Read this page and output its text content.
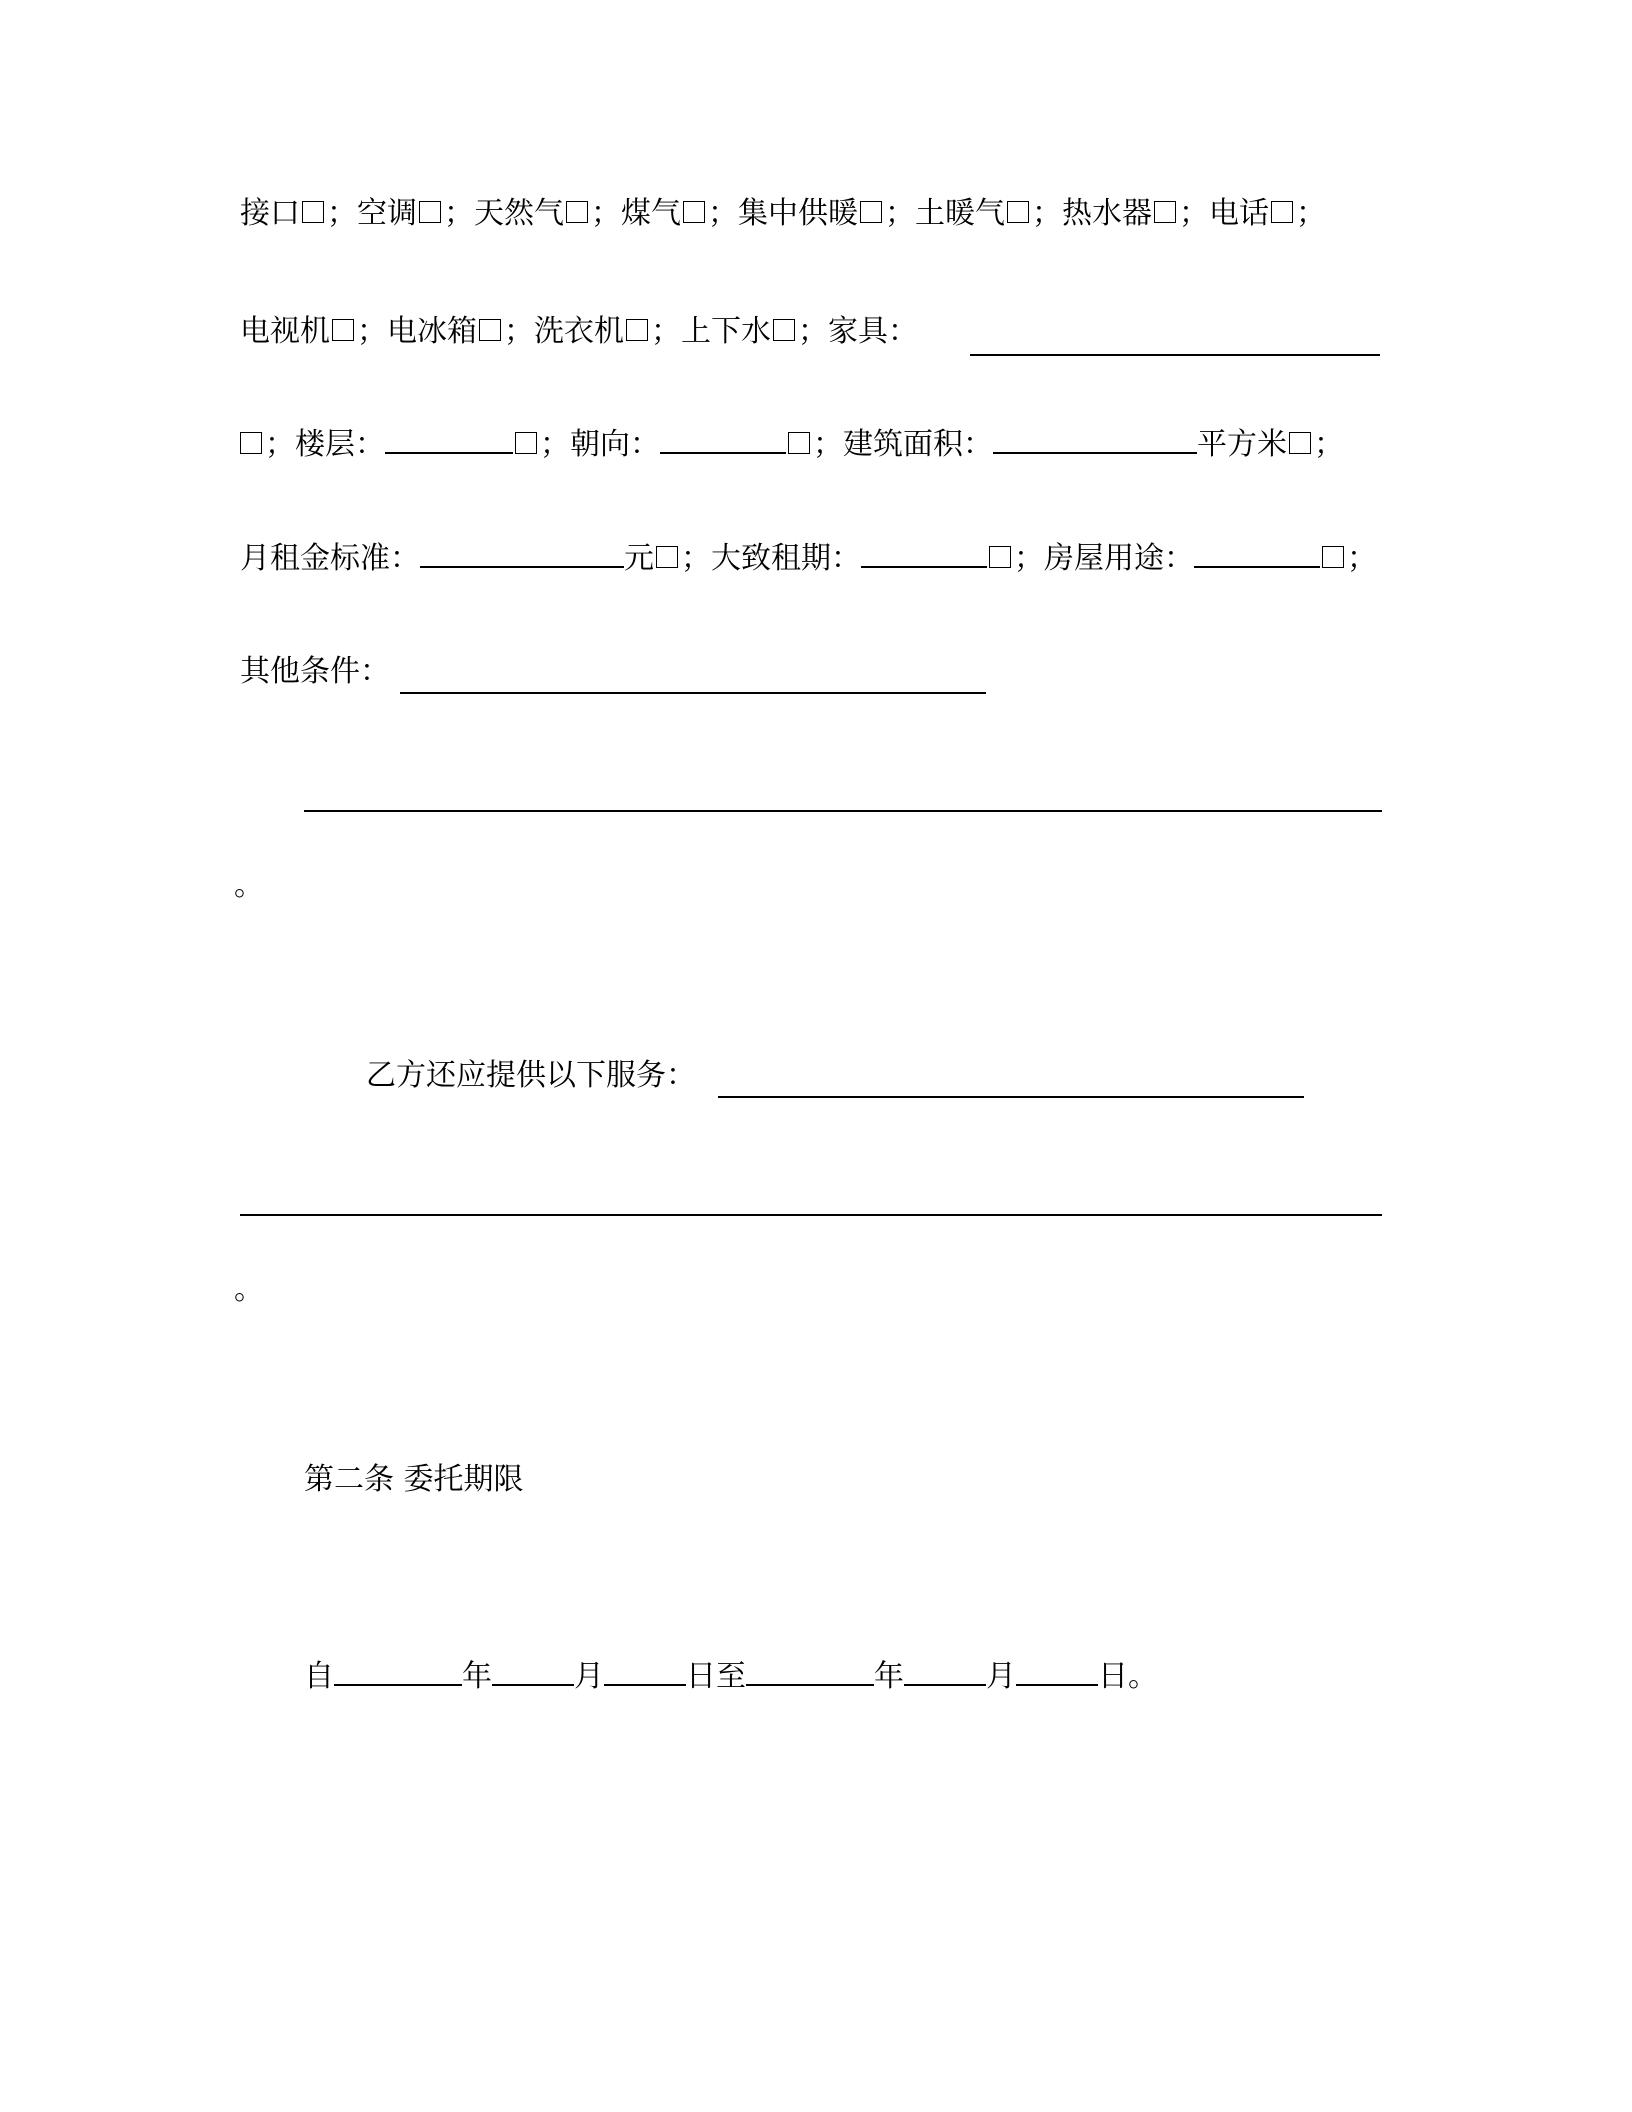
接口 ；空调 ；天然气 ；煤气 ；集中供暖 ；土暖气 ；热水器 ；电话 ；
电视机 ；电冰箱 ；洗衣机 ；上下水 ；家具：
；楼层：	；朝向：	；建筑面积：	平方米 ；
月租金标准：	元 ；大致租期：	；房屋用途：	；
其他条件：
。
乙方还应提供以下服务：
。
第二条 委托期限
自	年	月	日至	年	月	日。
